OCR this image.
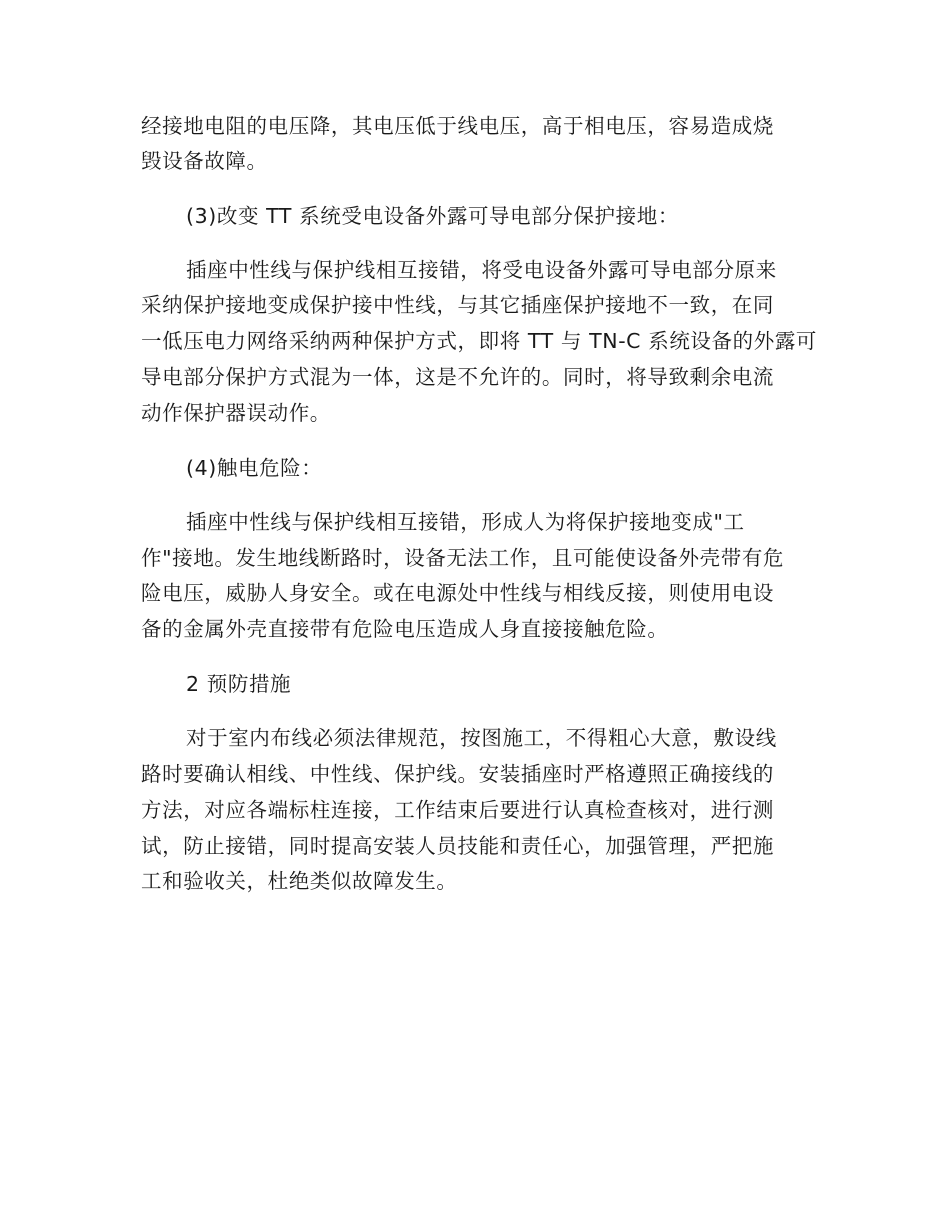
经接地电阻的电压降，其电压低于线电压，高于相电压，容易造成烧
毁设备故障。
(3)改变 TT 系统受电设备外露可导电部分保护接地：
插座中性线与保护线相互接错，将受电设备外露可导电部分原来
采纳保护接地变成保护接中性线，与其它插座保护接地不一致，在同
一低压电力网络采纳两种保护方式，即将 TT 与 TN-C 系统设备的外露可
导电部分保护方式混为一体，这是不允许的。同时，将导致剩余电流
动作保护器误动作。
(4)触电危险：
插座中性线与保护线相互接错，形成人为将保护接地变成"工
作"接地。发生地线断路时，设备无法工作，且可能使设备外壳带有危
险电压，威胁人身安全。或在电源处中性线与相线反接，则使用电设
备的金属外壳直接带有危险电压造成人身直接接触危险。
2 预防措施
对于室内布线必须法律规范，按图施工，不得粗心大意，敷设线
路时要确认相线、中性线、保护线。安装插座时严格遵照正确接线的
方法，对应各端标柱连接，工作结束后要进行认真检查核对，进行测
试，防止接错，同时提高安装人员技能和责任心，加强管理，严把施
工和验收关，杜绝类似故障发生。
